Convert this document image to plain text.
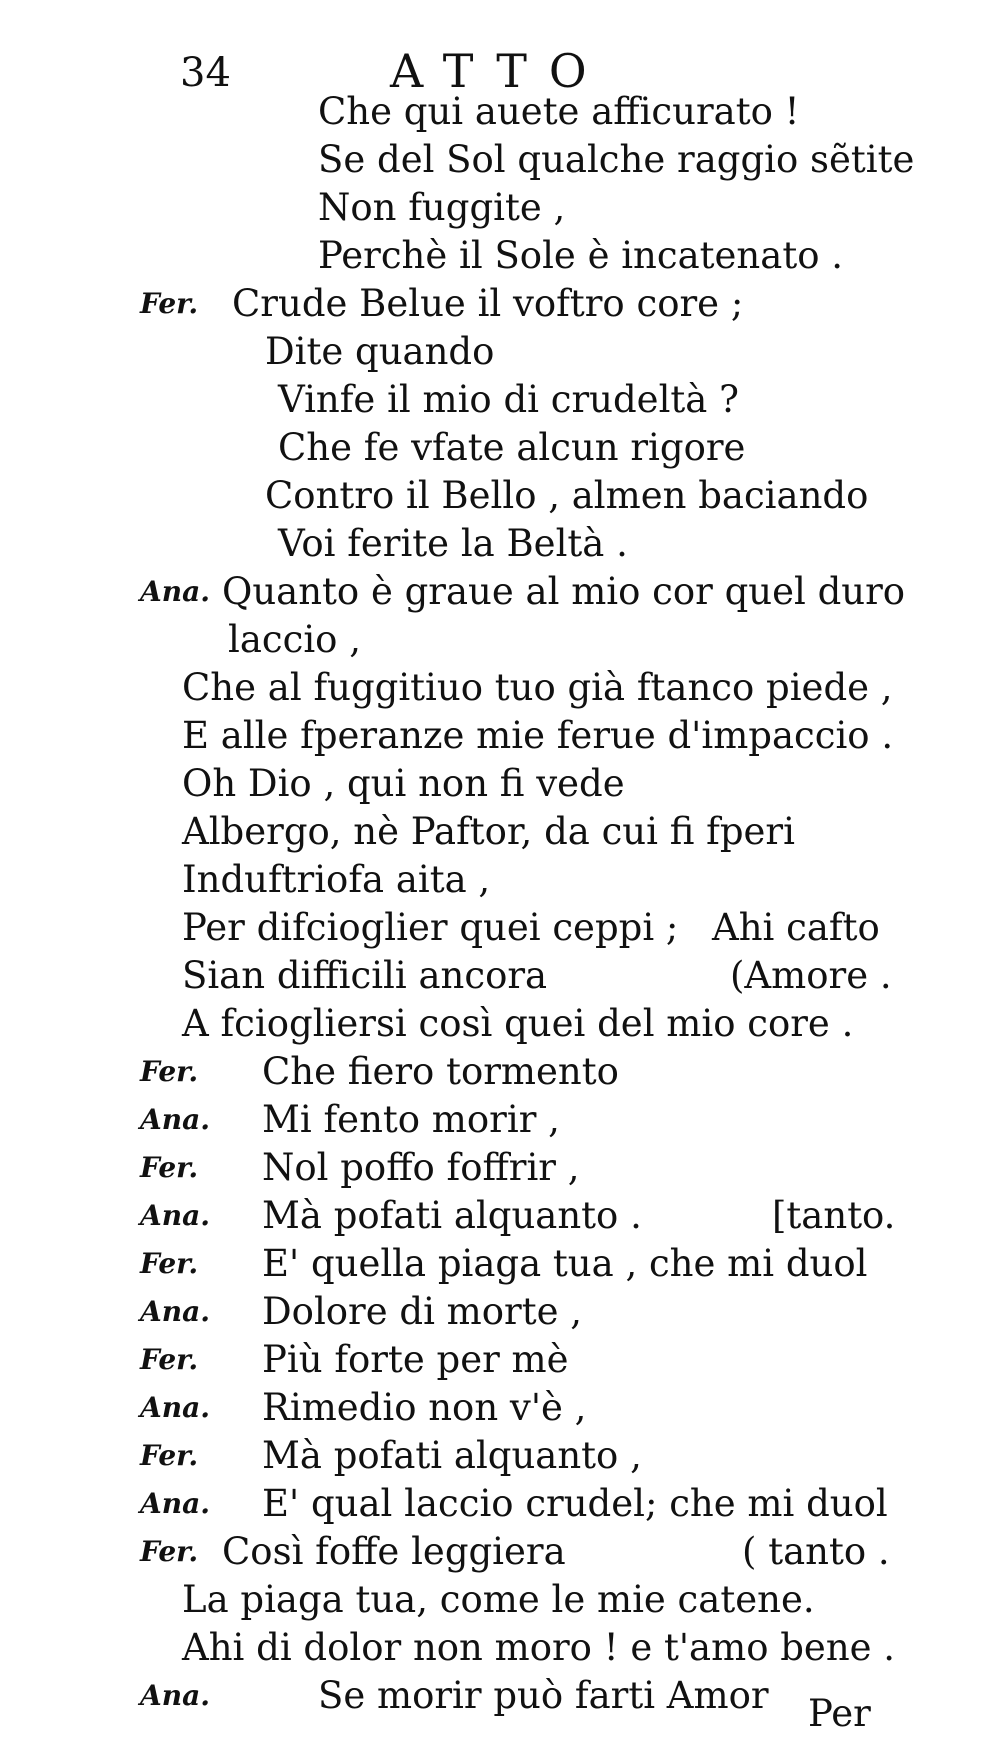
34	ATTO
Che qui auete afficurato !
Se del Sol qualche raggio sẽtite
Non fuggite ,
Perchè il Sole è incatenato .
Fer. Crude Belue il voftro core ;
Dite quando
Vinfe il mio di crudeltà ?
Che fe vfate alcun rigore
Contro il Bello , almen baciando
Voi ferite la Beltà .
Ana. Quanto è graue al mio cor quel duro
laccio ,
Che al fuggitiuo tuo già ftanco piede ,
E alle fperanze mie ferue d'impaccio .
Oh Dio , qui non fi vede
Albergo, nè Paftor, da cui fi fperi
Induftriofa aita ,
Per difcioglier quei ceppi ; Ahi cafto
Sian difficili ancora	(Amore .
A fciogliersi così quei del mio core .
Fer. Che fiero tormento
Ana. Mi fento morir ,
Fer. Nol poffo foffrir ,
Ana. Mà pofati alquanto .	[tanto.
Fer. E' quella piaga tua , che mi duol
Ana. Dolore di morte ,
Fer. Più forte per mè
Ana. Rimedio non v'è ,
Fer. Mà pofati alquanto ,
Ana. E' qual laccio crudel; che mi duol
Fer. Così foffe leggiera	( tanto .
La piaga tua, come le mie catene.
Ahi di dolor non moro ! e t'amo bene .
Ana.	Se morir può farti Amor Per
